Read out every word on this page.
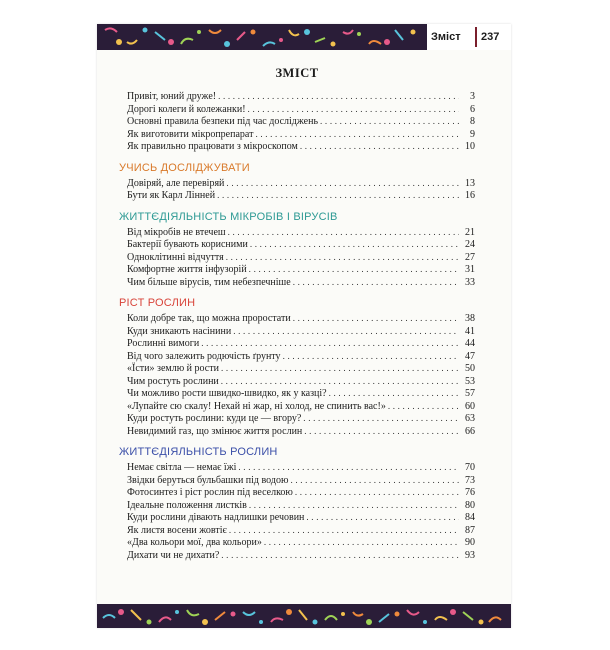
Зміст	237
ЗМІСТ
Привіт, юний друже! . . .	3
Дорогі колеги й колежанки! . . .	6
Основні правила безпеки під час досліджень . . .	8
Як виготовити мікропрепарат . . .	9
Як правильно працювати з мікроскопом . . .	10
УЧИСЬ ДОСЛІДЖУВАТИ
Довіряй, але перевіряй . . .	13
Бути як Карл Лінней . . .	16
ЖИТТЄДІЯЛЬНІСТЬ МІКРОБІВ І ВІРУСІВ
Від мікробів не втечеш . . .	21
Бактерії бувають корисними . . .	24
Одноклітинні відчуття . . .	27
Комфортне життя інфузорій . . .	31
Чим більше вірусів, тим небезпечніше . . .	33
РІСТ РОСЛИН
Коли добре так, що можна проростати . . .	38
Куди зникають насінини . . .	41
Рослинні вимоги . . .	44
Від чого залежить родючість ґрунту . . .	47
«Їсти» землю й рости . . .	50
Чим ростуть рослини . . .	53
Чи можливо рости швидко-швидко, як у казці? . . .	57
«Лупайте сю скалу! Нехай ні жар, ні холод, не спинить вас!» . . .	60
Куди ростуть рослини: куди це — вгору? . . .	63
Невидимий газ, що змінює життя рослин . . .	66
ЖИТТЄДІЯЛЬНІСТЬ РОСЛИН
Немає світла — немає їжі . . .	70
Звідки беруться бульбашки під водою . . .	73
Фотосинтез і ріст рослин під веселкою . . .	76
Ідеальне положення листків . . .	80
Куди рослини дівають надлишки речовин . . .	84
Як листя восени жовтіє . . .	87
«Два кольори мої, два кольори» . . .	90
Дихати чи не дихати? . . .	93
